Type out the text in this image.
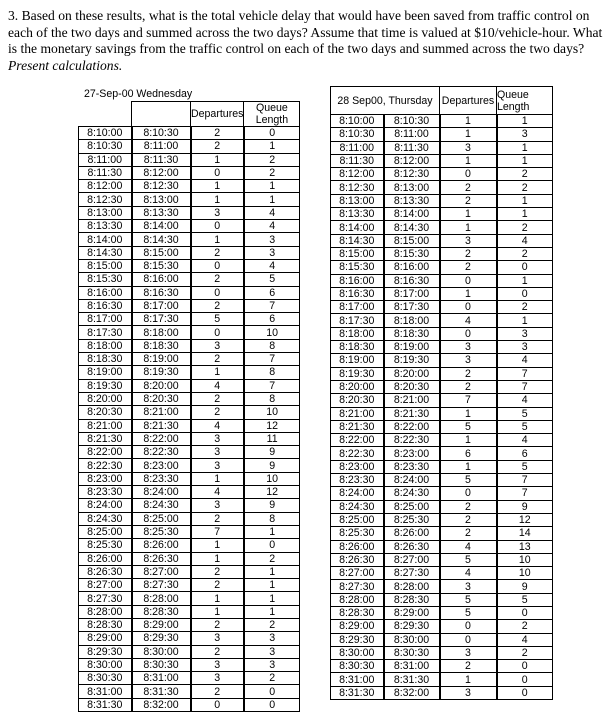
3. Based on these results, what is the total vehicle delay that would have been saved from traffic control on each of the two days and summed across the two days? Assume that time is valued at $10/vehicle-hour. What is the monetary savings from the traffic control on each of the two days and summed across the two days? Present calculations.

27-Sep-00 Wednesday
		Departures	Queue Length
8:10:00	8:10:30	2	0
8:10:30	8:11:00	2	1
8:11:00	8:11:30	1	2
8:11:30	8:12:00	0	2
8:12:00	8:12:30	1	1
8:12:30	8:13:00	1	1
8:13:00	8:13:30	3	4
8:13:30	8:14:00	0	4
8:14:00	8:14:30	1	3
8:14:30	8:15:00	2	3
8:15:00	8:15:30	0	4
8:15:30	8:16:00	2	5
8:16:00	8:16:30	0	6
8:16:30	8:17:00	2	7
8:17:00	8:17:30	5	6
8:17:30	8:18:00	0	10
8:18:00	8:18:30	3	8
8:18:30	8:19:00	2	7
8:19:00	8:19:30	1	8
8:19:30	8:20:00	4	7
8:20:00	8:20:30	2	8
8:20:30	8:21:00	2	10
8:21:00	8:21:30	4	12
8:21:30	8:22:00	3	11
8:22:00	8:22:30	3	9
8:22:30	8:23:00	3	9
8:23:00	8:23:30	1	10
8:23:30	8:24:00	4	12
8:24:00	8:24:30	3	9
8:24:30	8:25:00	2	8
8:25:00	8:25:30	7	1
8:25:30	8:26:00	1	0
8:26:00	8:26:30	1	2
8:26:30	8:27:00	2	1
8:27:00	8:27:30	2	1
8:27:30	8:28:00	1	1
8:28:00	8:28:30	1	1
8:28:30	8:29:00	2	2
8:29:00	8:29:30	3	3
8:29:30	8:30:00	2	3
8:30:00	8:30:30	3	3
8:30:30	8:31:00	3	2
8:31:00	8:31:30	2	0
8:31:30	8:32:00	0	0
28 Sep00, Thursday		Departures	Queue Length
8:10:00	8:10:30	1	1
8:10:30	8:11:00	1	3
8:11:00	8:11:30	3	1
8:11:30	8:12:00	1	1
8:12:00	8:12:30	0	2
8:12:30	8:13:00	2	2
8:13:00	8:13:30	2	1
8:13:30	8:14:00	1	1
8:14:00	8:14:30	1	2
8:14:30	8:15:00	3	4
8:15:00	8:15:30	2	2
8:15:30	8:16:00	2	0
8:16:00	8:16:30	0	1
8:16:30	8:17:00	1	0
8:17:00	8:17:30	0	2
8:17:30	8:18:00	4	1
8:18:00	8:18:30	0	3
8:18:30	8:19:00	3	3
8:19:00	8:19:30	3	4
8:19:30	8:20:00	2	7
8:20:00	8:20:30	2	7
8:20:30	8:21:00	7	4
8:21:00	8:21:30	1	5
8:21:30	8:22:00	5	5
8:22:00	8:22:30	1	4
8:22:30	8:23:00	6	6
8:23:00	8:23:30	1	5
8:23:30	8:24:00	5	7
8:24:00	8:24:30	0	7
8:24:30	8:25:00	2	9
8:25:00	8:25:30	2	12
8:25:30	8:26:00	2	14
8:26:00	8:26:30	4	13
8:26:30	8:27:00	5	10
8:27:00	8:27:30	4	10
8:27:30	8:28:00	3	9
8:28:00	8:28:30	5	5
8:28:30	8:29:00	5	0
8:29:00	8:29:30	0	2
8:29:30	8:30:00	0	4
8:30:00	8:30:30	3	2
8:30:30	8:31:00	2	0
8:31:00	8:31:30	1	0
8:31:30	8:32:00	3	0
